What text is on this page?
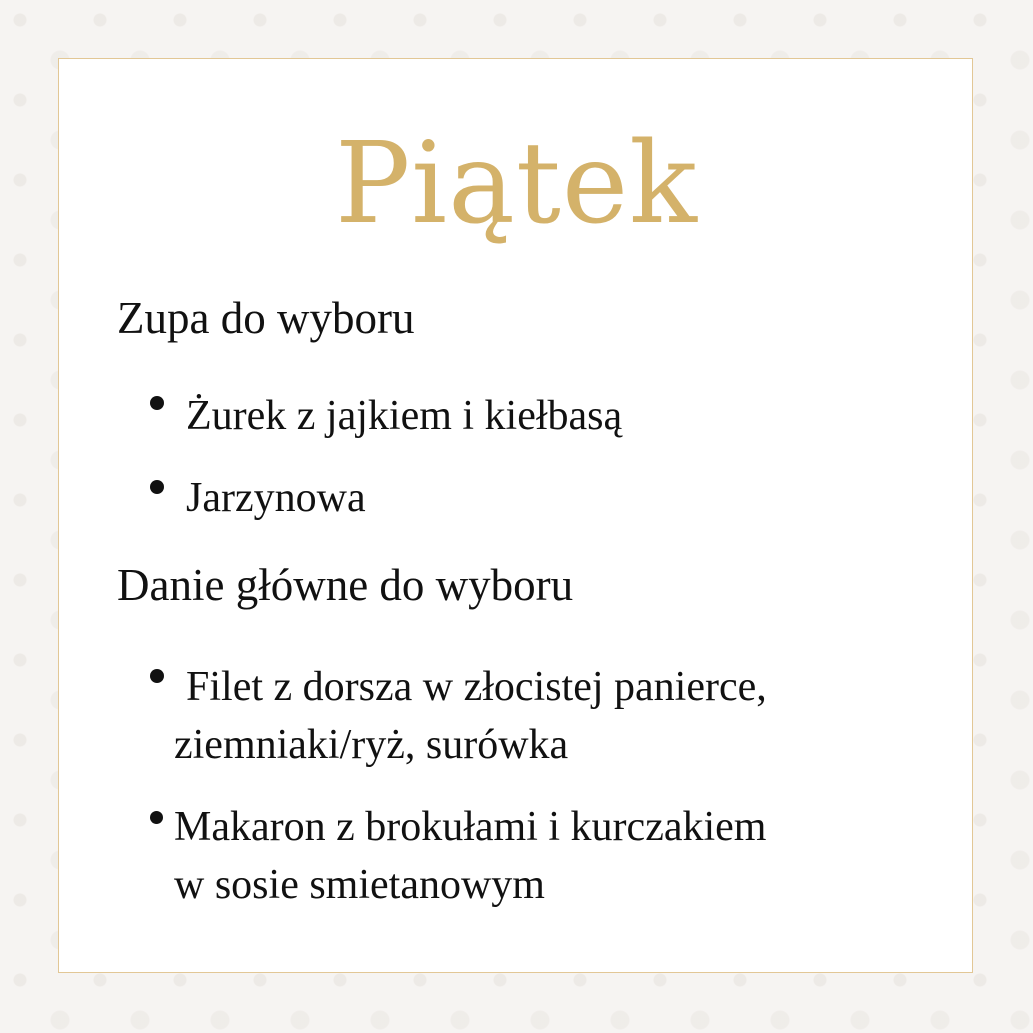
Piątek
Zupa do wyboru
Żurek z jajkiem i kiełbasą
Jarzynowa
Danie główne do wyboru
Filet z dorsza w złocistej panierce,
ziemniaki/ryż, surówka
Makaron z brokułami i kurczakiem
w sosie smietanowym
